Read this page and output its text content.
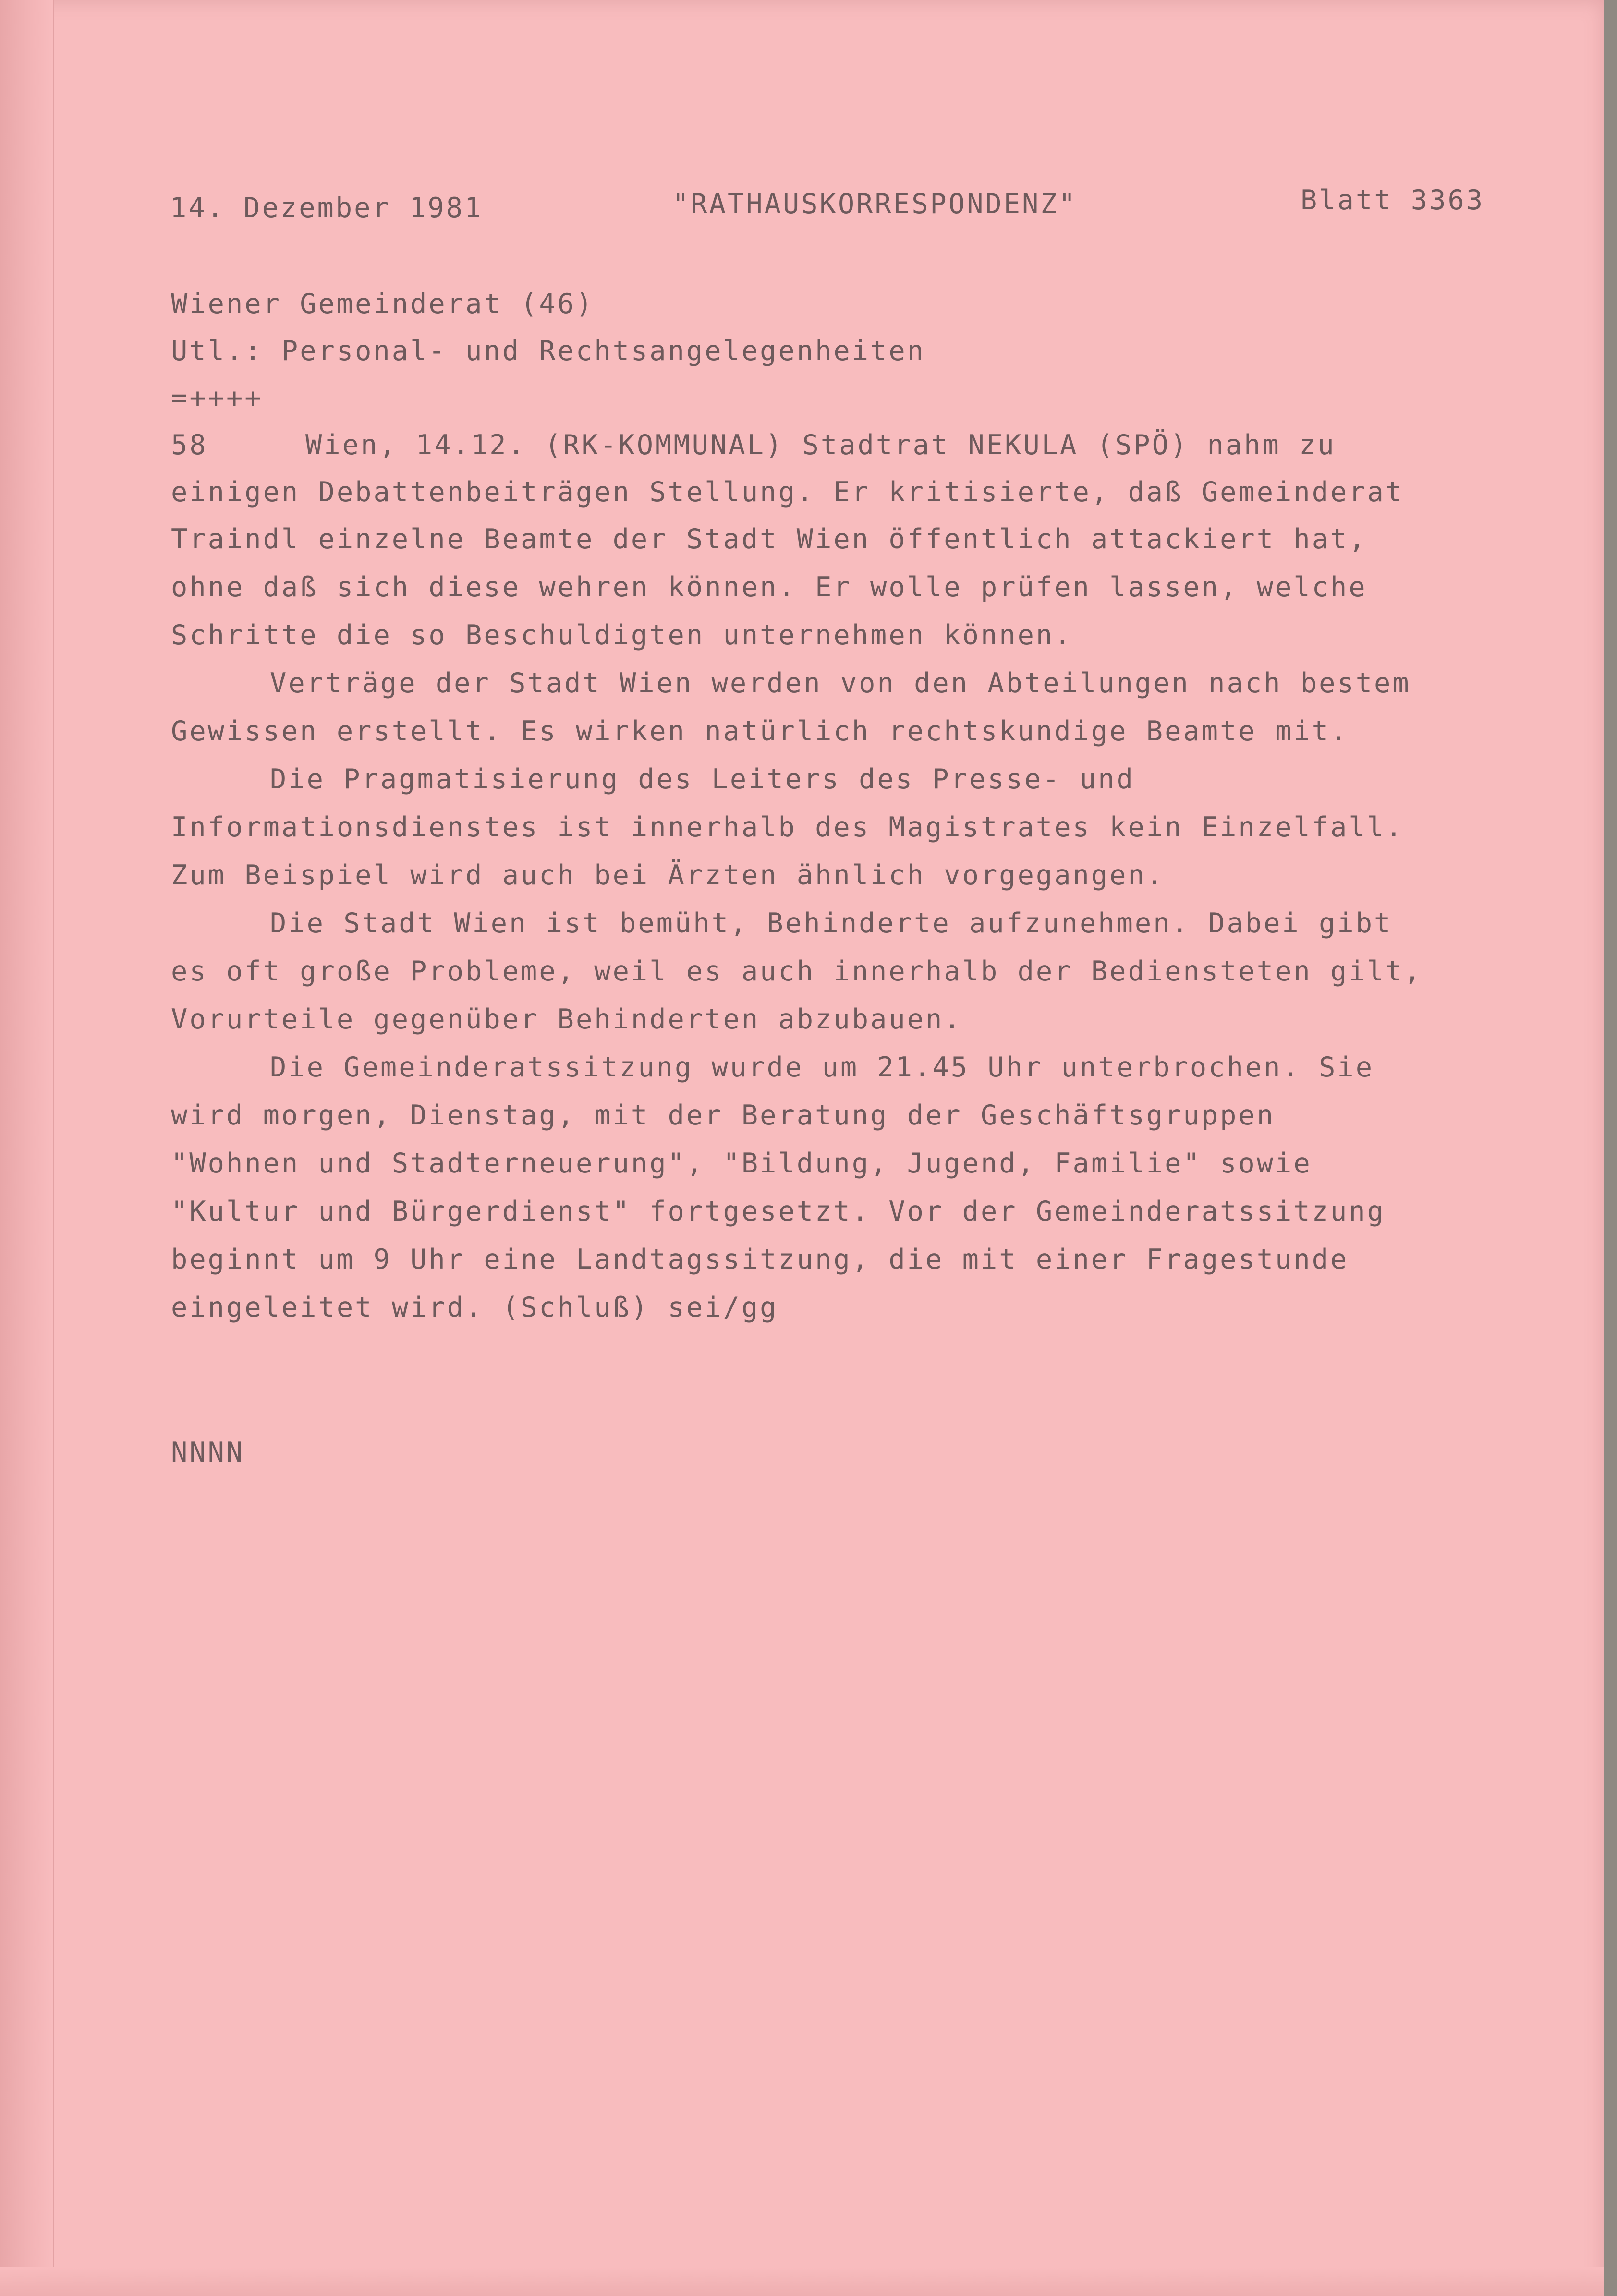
14. Dezember 1981	"RATHAUSKORRESPONDENZ"	Blatt 3363
Wiener Gemeinderat (46)
Utl.: Personal- und Rechtsangelegenheiten
=++++
58	Wien, 14.12. (RK-KOMMUNAL) Stadtrat NEKULA (SPÖ) nahm zu
einigen Debattenbeiträgen Stellung. Er kritisierte, daß Gemeinderat
Traindl einzelne Beamte der Stadt Wien öffentlich attackiert hat,
ohne daß sich diese wehren können. Er wolle prüfen lassen, welche
Schritte die so Beschuldigten unternehmen können.
Verträge der Stadt Wien werden von den Abteilungen nach bestem
Gewissen erstellt. Es wirken natürlich rechtskundige Beamte mit.
Die Pragmatisierung des Leiters des Presse- und
Informationsdienstes ist innerhalb des Magistrates kein Einzelfall.
Zum Beispiel wird auch bei Ärzten ähnlich vorgegangen.
Die Stadt Wien ist bemüht, Behinderte aufzunehmen. Dabei gibt
es oft große Probleme, weil es auch innerhalb der Bediensteten gilt,
Vorurteile gegenüber Behinderten abzubauen.
Die Gemeinderatssitzung wurde um 21.45 Uhr unterbrochen. Sie
wird morgen, Dienstag, mit der Beratung der Geschäftsgruppen
"Wohnen und Stadterneuerung", "Bildung, Jugend, Familie" sowie
"Kultur und Bürgerdienst" fortgesetzt. Vor der Gemeinderatssitzung
beginnt um 9 Uhr eine Landtagssitzung, die mit einer Fragestunde
eingeleitet wird. (Schluß) sei/gg
NNNN
